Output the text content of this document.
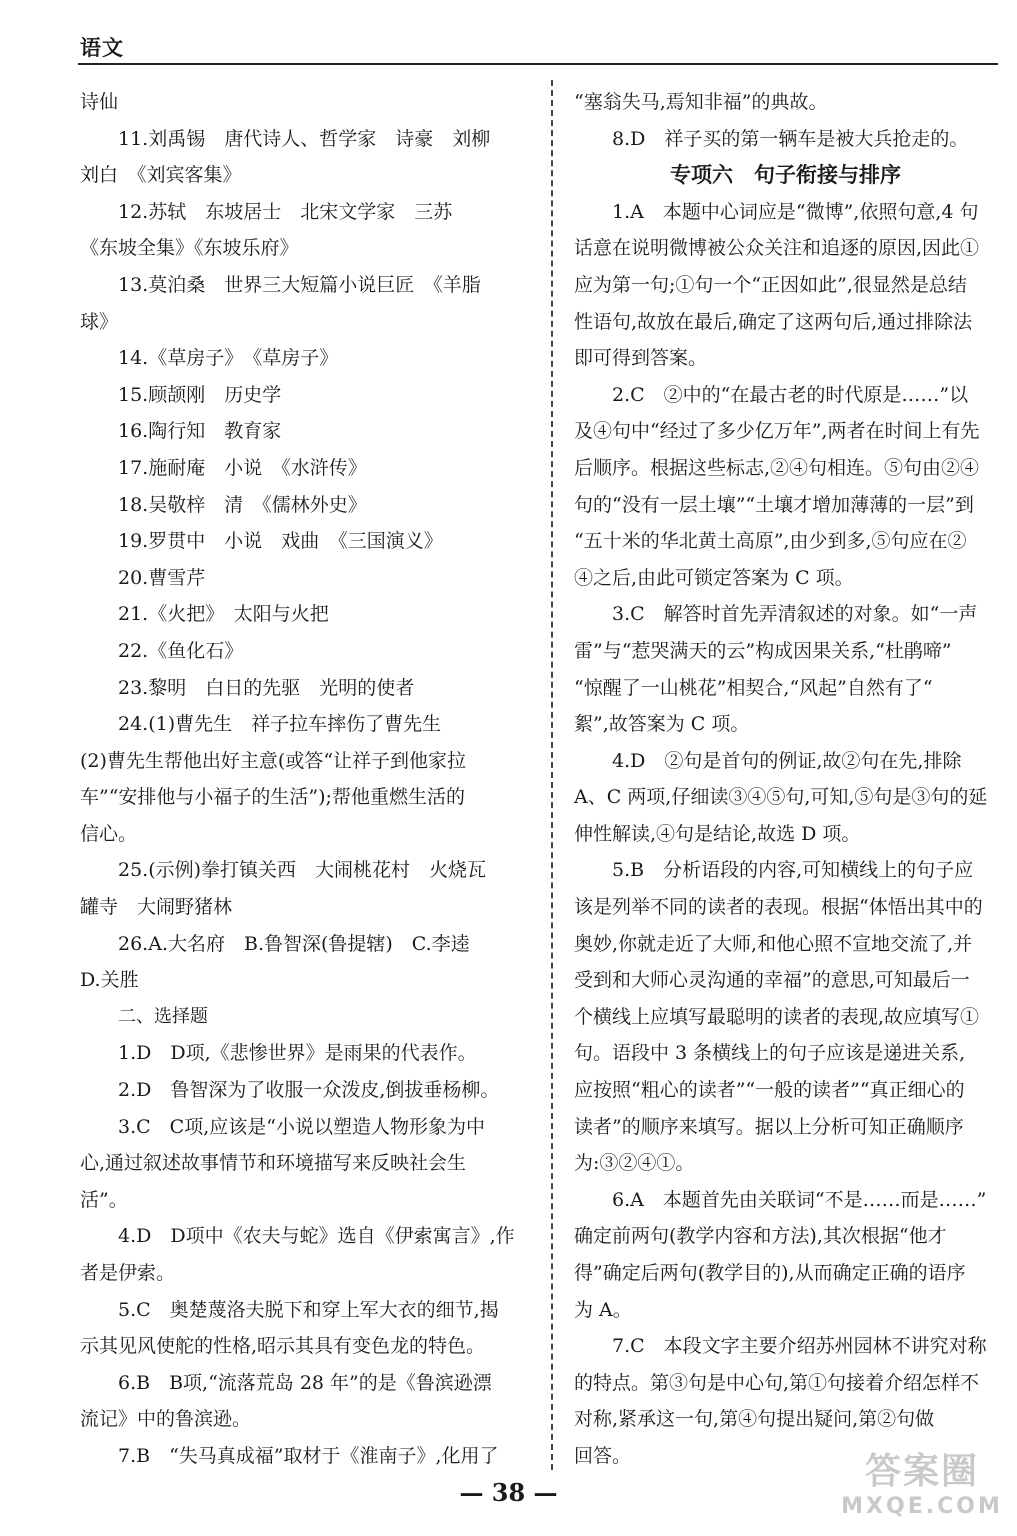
语文
诗仙
11.刘禹锡　唐代诗人、哲学家　诗豪　刘柳
刘白　《刘宾客集》
12.苏轼　东坡居士　北宋文学家　三苏
《东坡全集》《东坡乐府》
13.莫泊桑　世界三大短篇小说巨匠　《羊脂
球》
14.《草房子》　《草房子》
15.顾颉刚　历史学
16.陶行知　教育家
17.施耐庵　小说　《水浒传》
18.吴敬梓　清　《儒林外史》
19.罗贯中　小说　戏曲　《三国演义》
20.曹雪芹
21.《火把》　太阳与火把
22.《鱼化石》
23.黎明　白日的先驱　光明的使者
24.(1)曹先生　祥子拉车摔伤了曹先生
(2)曹先生帮他出好主意(或答“让祥子到他家拉
车”“安排他与小福子的生活”);帮他重燃生活的
信心。
25.(示例)拳打镇关西　大闹桃花村　火烧瓦
罐寺　大闹野猪林
26.A.大名府　B.鲁智深(鲁提辖)　C.李逵
D.关胜
二、选择题
1.D　D项,《悲惨世界》是雨果的代表作。
2.D　鲁智深为了收服一众泼皮,倒拔垂杨柳。
3.C　C项,应该是“小说以塑造人物形象为中
心,通过叙述故事情节和环境描写来反映社会生
活”。
4.D　D项中《农夫与蛇》选自《伊索寓言》,作
者是伊索。
5.C　奥楚蔑洛夫脱下和穿上军大衣的细节,揭
示其见风使舵的性格,昭示其具有变色龙的特色。
6.B　B项,“流落荒岛 28 年”的是《鲁滨逊漂
流记》中的鲁滨逊。
7.B　“失马真成福”取材于《淮南子》,化用了
“塞翁失马,焉知非福”的典故。
8.D　祥子买的第一辆车是被大兵抢走的。
专项六　句子衔接与排序
1.A　本题中心词应是“微博”,依照句意,4 句
话意在说明微博被公众关注和追逐的原因,因此①
应为第一句;①句一个“正因如此”,很显然是总结
性语句,故放在最后,确定了这两句后,通过排除法
即可得到答案。
2.C　②中的“在最古老的时代原是……”以
及④句中“经过了多少亿万年”,两者在时间上有先
后顺序。根据这些标志,②④句相连。⑤句由②④
句的“没有一层土壤”“土壤才增加薄薄的一层”到
“五十米的华北黄土高原”,由少到多,⑤句应在②
④之后,由此可锁定答案为 C 项。
3.C　解答时首先弄清叙述的对象。如“一声
雷”与“惹哭满天的云”构成因果关系,“杜鹃啼”
“惊醒了一山桃花”相契合,“风起”自然有了“
絮”,故答案为 C 项。
4.D　②句是首句的例证,故②句在先,排除
A、C 两项,仔细读③④⑤句,可知,⑤句是③句的延
伸性解读,④句是结论,故选 D 项。
5.B　分析语段的内容,可知横线上的句子应
该是列举不同的读者的表现。根据“体悟出其中的
奥妙,你就走近了大师,和他心照不宣地交流了,并
受到和大师心灵沟通的幸福”的意思,可知最后一
个横线上应填写最聪明的读者的表现,故应填写①
句。语段中 3 条横线上的句子应该是递进关系,
应按照“粗心的读者”“一般的读者”“真正细心的
读者”的顺序来填写。据以上分析可知正确顺序
为:③②④①。
6.A　本题首先由关联词“不是……而是……”
确定前两句(教学内容和方法),其次根据“他才
得”确定后两句(教学目的),从而确定正确的语序
为 A。
7.C　本段文字主要介绍苏州园林不讲究对称
的特点。第③句是中心句,第①句接着介绍怎样不
对称,紧承这一句,第④句提出疑问,第②句做
回答。
— 38 —
答案圈
MXQE.COM
